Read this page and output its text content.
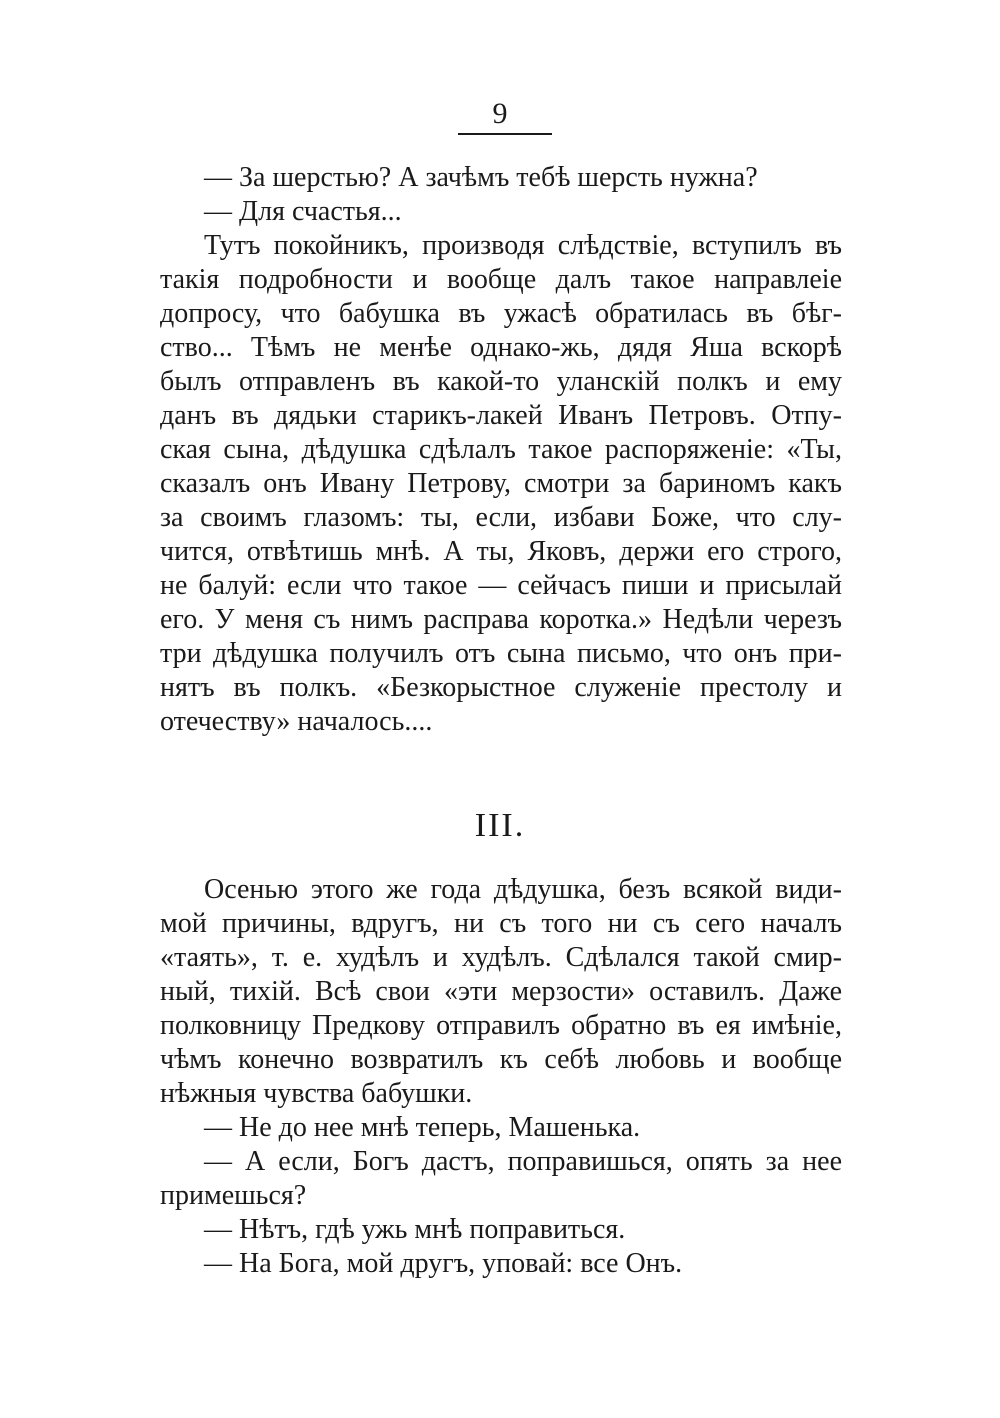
9
— За шерстью? А зачѣмъ тебѣ шерсть нужна?
— Для счастья...
Тутъ покойникъ, производя слѣдствіе, вступилъ въ
такія подробности и вообще далъ такое направлеіе
допросу, что бабушка въ ужасѣ обратилась въ бѣг-
ство... Тѣмъ не менѣе однако-жь, дядя Яша вскорѣ
былъ отправленъ въ какой-то уланскій полкъ и ему
данъ въ дядьки старикъ-лакей Иванъ Петровъ. Отпу-
ская сына, дѣдушка сдѣлалъ такое распоряженіе: «Ты,
сказалъ онъ Ивану Петрову, смотри за бариномъ какъ
за своимъ глазомъ: ты, если, избави Боже, что слу-
чится, отвѣтишь мнѣ. А ты, Яковъ, держи его строго,
не балуй: если что такое — сейчасъ пиши и присылай
его. У меня съ нимъ расправа коротка.» Недѣли черезъ
три дѣдушка получилъ отъ сына письмо, что онъ при-
нятъ въ полкъ. «Безкорыстное служеніе престолу и
отечеству» началось....
III.
Осенью этого же года дѣдушка, безъ всякой види-
мой причины, вдругъ, ни съ того ни съ сего началъ
«таять», т. е. худѣлъ и худѣлъ. Сдѣлался такой смир-
ный, тихій. Всѣ свои «эти мерзости» оставилъ. Даже
полковницу Предкову отправилъ обратно въ ея имѣніе,
чѣмъ конечно возвратилъ къ себѣ любовь и вообще
нѣжныя чувства бабушки.
— Не до нее мнѣ теперь, Машенька.
— А если, Богъ дастъ, поправишься, опять за нее
примешься?
— Нѣтъ, гдѣ ужь мнѣ поправиться.
— На Бога, мой другъ, уповай: все Онъ.
